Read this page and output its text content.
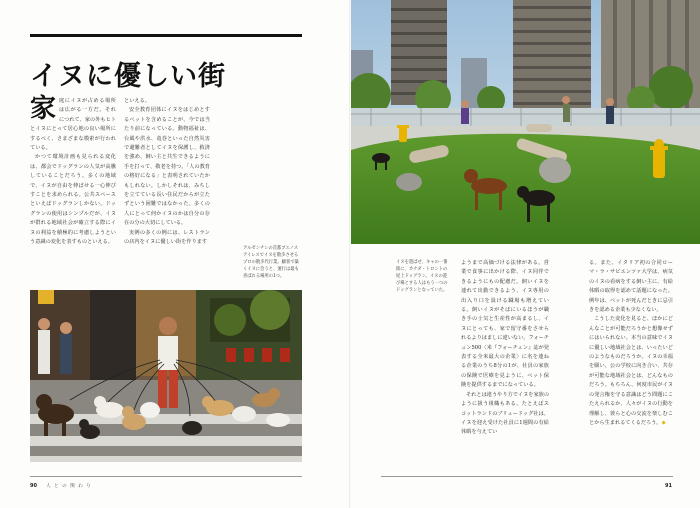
イヌに優しい街

家庭にイヌが占める場所は広がる一方だ。それにつれて、家の外もヒトとイヌにとって居心地の良い場所にするべく、さまざまな模索が行われている。

かつて環境計画も見られる変化は、都会でドッグランの人気が高騰していることだろう。多くの地域で、イヌが自由を伸ばせる一心伸びすことを求められる。公共スペースといえばドッグランしかない。ドッグランの使用はシンプルだが、イヌが群れる地域社会が確立する際にイヌの利益を積極的に考慮しようという意識の変化を表すものといえる。

といえる。

安全教育団体にイヌをはじめとするペットを含めることが、今では当たり前になっている。動物福祉は、台風や洪水、竜巻といった自然災害で避難者としてイヌを保護し、救済を強め、飼い主と共生できるように手を打って、敬老を持つ。「人の教育の格好になる」と表明されていたかもしれない。しかしそれは、みちしを立てている長い住民だからが立たずという困難ではなかった。多くの人にとって何かイヌのかは自分の存在の分の大切にしている。

実例の多くの例には、レストランの店内をイヌに優しい街を作ります

アルゼンチンの首都ブエノスアイレスでイヌを散歩させるプロの散歩代行業。顧客で築くイヌに会うと、運行は最も喜ばれる場所の1つ。

イヌを遊ばせ、キャの一番街に、カナダ・トロントの屋上ドッグラン。イヌの遊び場とする人はもう一つのドッグランとなっていた。

ようまで高価づける法律がある。営業で食事に出かける際、イヌ同伴できるようにもの配慮だ。飼いイヌを連れて出勤できるよう、イヌ専用の出入り口を設ける職場も増えている。飼いイヌがそばにいるほうが職き手の士気と生産性が高まるし、イヌにとっても、家で留守番をさせられるよりはましに違いない。フォーチュン500〈米『フォーチュン』誌が発表する全米最大の企業〉に名を連ねる企業のうち8分の1が、社員の家族の保険で医療を見ように、ペット保険を提供するまでになっている。

それとは違うやり方でイヌを家族のように扱う組織もある。たとえばスコットランドのブリュードッグ社は、イヌを迎え受けた社員に1週間の有給休暇を与えてい

る。また、イタリア初の合同ローマ・ラ・サピエンツァ大学は、病気のイヌの看病をする飼い主に、有給休暇の取得を認めて話題になった。例年は、ペットが死んだときに忌引きを認める企業も少なくない。

こうした変化を見ると、ほかにどんなことが可能だろうかと想像せずにはいられない。本当の意味でイヌに優しい地域社会とは、いったいどのようなものだろうか。イヌの幸福を願い、公の学校に向き合い、共存が可能な地域社会とは、どんなものだろう。もちろん、何度市民がイヌの発言権を守る意識はどう問題にこたえられるか、人々がイヌの行動を理解し、彼らと心の交流を楽しむことから生まれるてくるだろう。◆

90 人 と の 関 わ り	91
